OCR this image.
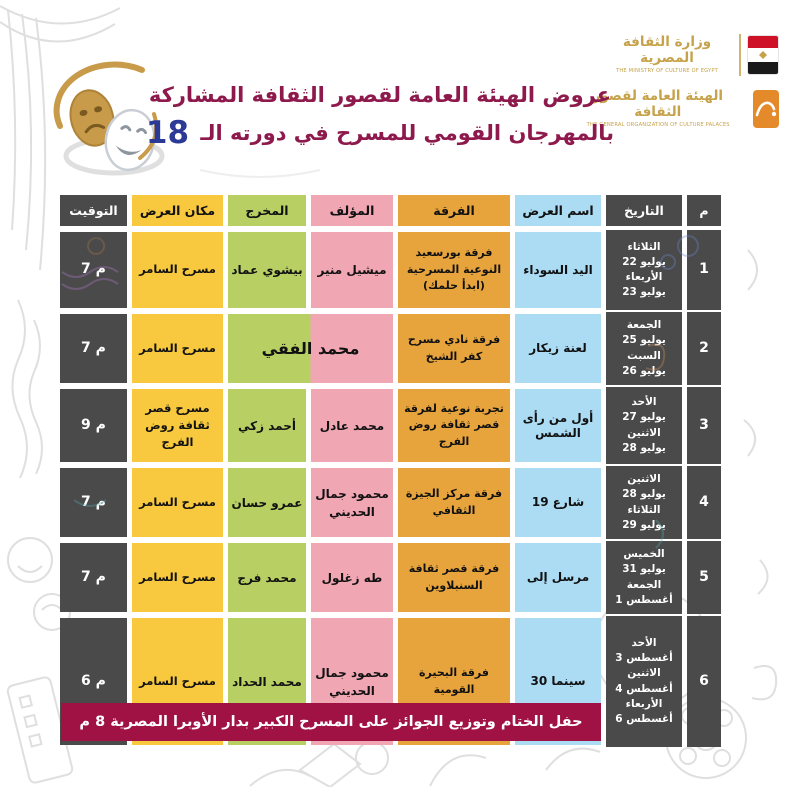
وزارة الثقافة المصرية
THE MINISTRY OF CULTURE OF EGYPT
الهيئة العامة لقصور الثقافة
THE GENERAL ORGANIZATION OF CULTURE PALACES
عروض الهيئة العامة لقصور الثقافة المشاركة
بالمهرجان القومي للمسرح في دورته الـ 18
حفل الختام وتوزيع الجوائز على المسرح الكبير بدار الأوبرا المصرية 8 م
م
التاريخ
اسم العرض
الفرقة
المؤلف
المخرج
مكان العرض
التوقيت
1
الثلاثاء
22 يوليو
الأربعاء
23 يوليو
اليد السوداء
فرقة بورسعيد النوعية المسرحية (ابدأ حلمك)
ميشيل منير
بيشوي عماد
مسرح السامر
7 م
2
الجمعة
25 يوليو
السبت
26 يوليو
لعنة زيكار
فرقة نادي مسرح كفر الشيخ
محمد الفقي
مسرح السامر
7 م
3
الأحد
27 يوليو
الاثنين
28 يوليو
أول من رأى الشمس
تجربة نوعية لفرقة قصر ثقافة روض الفرج
محمد عادل
أحمد زكي
مسرح قصر ثقافة روض الفرج
9 م
4
الاثنين
28 يوليو
الثلاثاء
29 يوليو
شارع 19
فرقة مركز الجيزة الثقافي
محمود جمال الحديني
عمرو حسان
مسرح السامر
7 م
5
الخميس
31 يوليو
الجمعة
1 أغسطس
مرسل إلى
فرقة قصر ثقافة السنبلاوين
طه زغلول
محمد فرج
مسرح السامر
7 م
6
الأحد
3 أغسطس
الاثنين
4 أغسطس
الأربعاء
6 أغسطس
سينما 30
فرقة البحيرة القومية
محمود جمال الحديني
محمد الحداد
مسرح السامر
6 م
